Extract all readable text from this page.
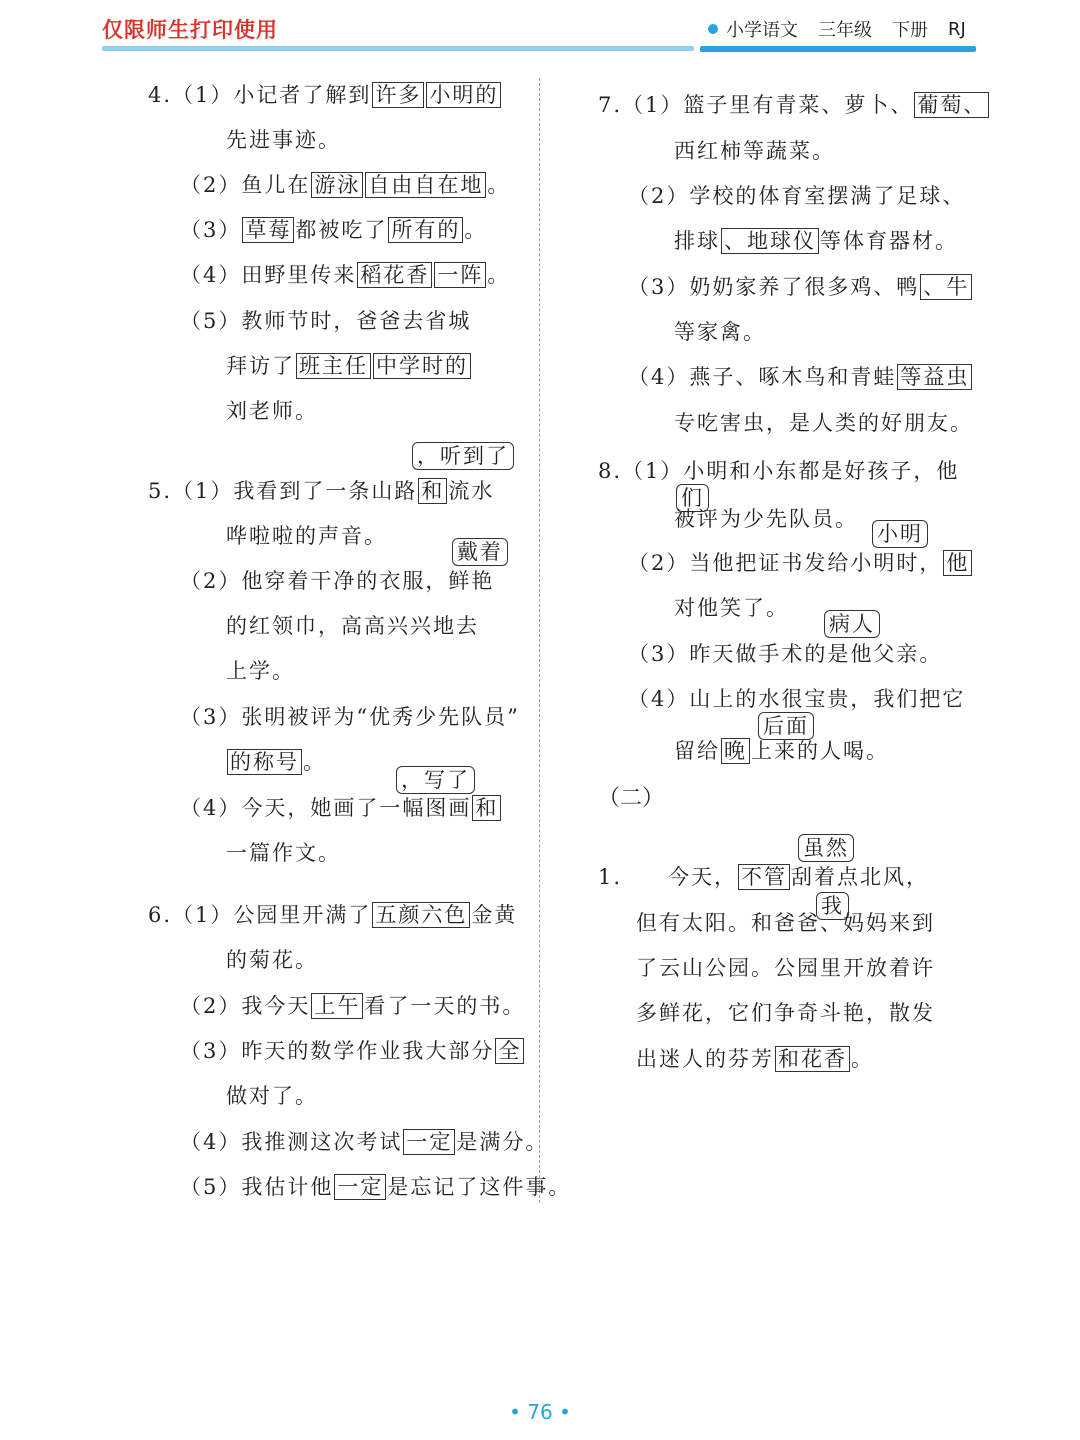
仅限师生打印使用	小学语文 三年级 下册 RJ
4.（1）小记者了解到 许多 小明的
先进事迹。
（2）鱼儿在 游泳 自由自在地 。
（3） 草莓 都被吃了 所有的 。
（4）田野里传来 稻花香 一阵 。
（5）教师节时，爸爸去省城
拜访了 班主任 中学时的
刘老师。
，听到了
5.（1）我看到了一条山路 和 流水
哗啦啦的声音。
戴着
（2）他穿着干净的衣服，鲜艳
的红领巾，高高兴兴地去
上学。
（3）张明被评为“优秀少先队员”
的称号 。
，写了
（4）今天，她画了一幅图画 和
一篇作文。
6.（1）公园里开满了 五颜六色 金黄
的菊花。
（2）我今天 上午 看了一天的书。
（3）昨天的数学作业我大部分 全
做对了。
（4）我推测这次考试 一定 是满分。
（5）我估计他 一定 是忘记了这件事。
7.（1）篮子里有青菜、萝卜、 葡萄、
西红柿等蔬菜。
（2）学校的体育室摆满了足球、
排球 、地球仪 等体育器材。
（3）奶奶家养了很多鸡、鸭 、牛
等家禽。
（4）燕子、啄木鸟和青蛙 等益虫
专吃害虫，是人类的好朋友。
8.（1）小明和小东都是好孩子，他
们
被评为少先队员。
小明
（2）当他把证书发给小明时， 他
对他笑了。
病人
（3）昨天做手术的是他父亲。
（4）山上的水很宝贵，我们把它
后面
留给 晚 上来的人喝。
（二）
虽然
我
1.　　今天， 不管 刮着点北风，
但有太阳。和爸爸、妈妈来到
了云山公园。公园里开放着许
多鲜花，它们争奇斗艳，散发
出迷人的芬芳 和花香 。
• 76 •
